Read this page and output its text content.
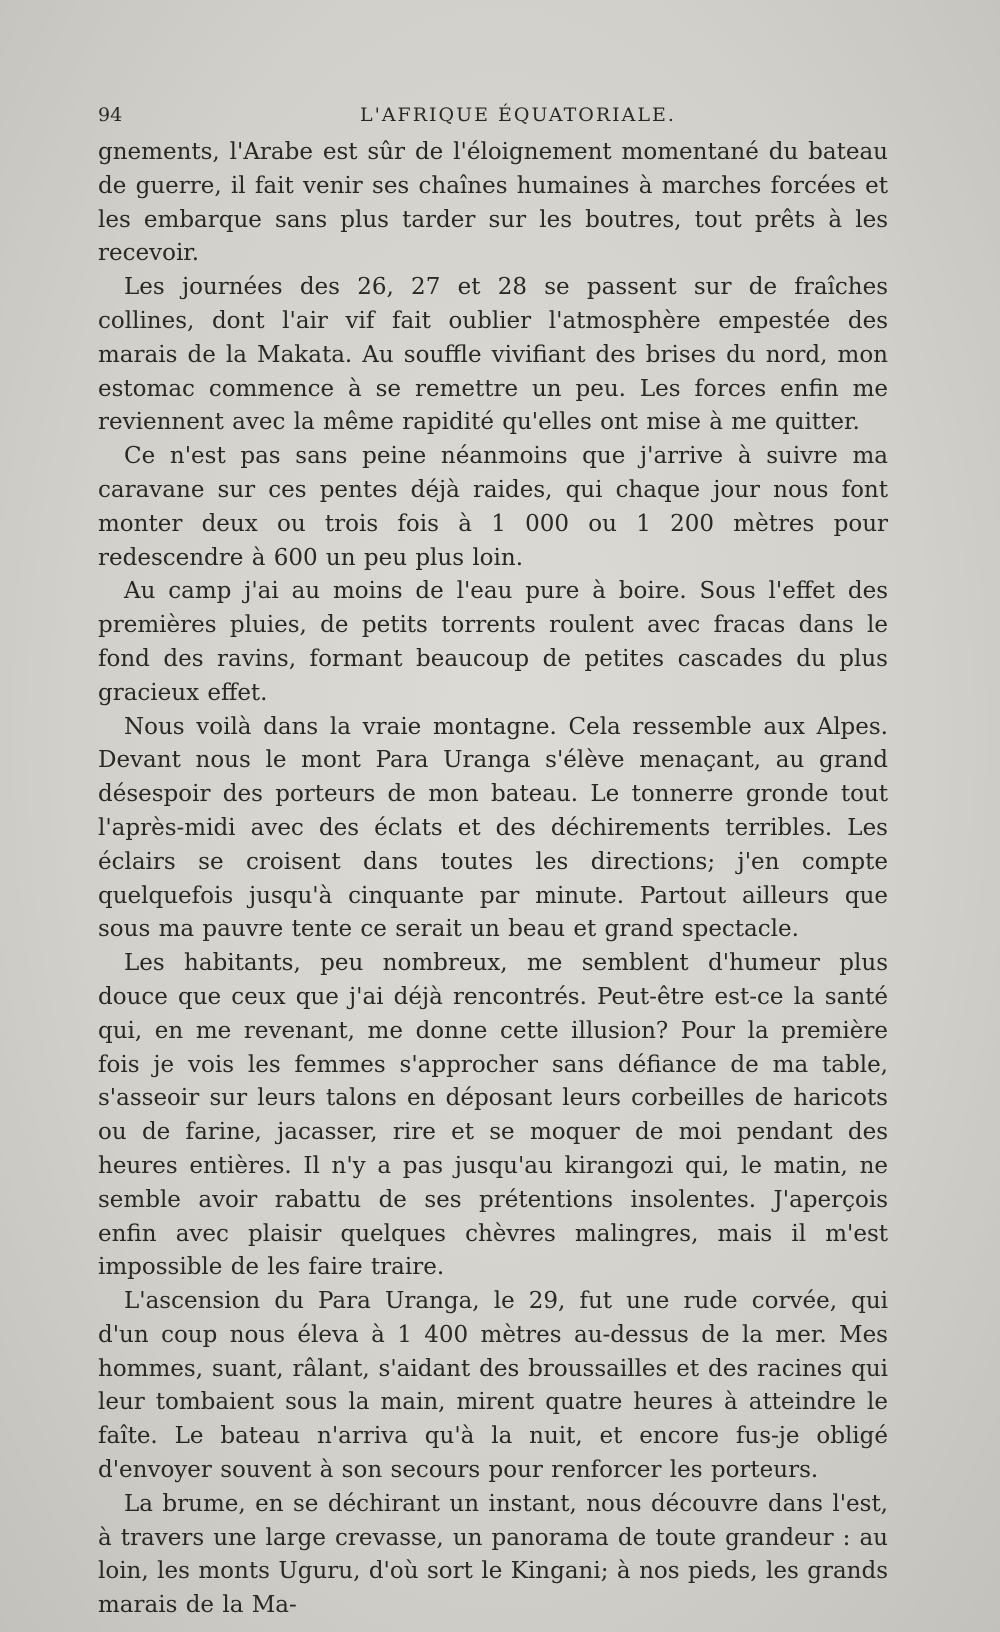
94	L'AFRIQUE ÉQUATORIALE.

gnements, l'Arabe est sûr de l'éloignement momentané du bateau de guerre, il fait venir ses chaînes humaines à marches forcées et les embarque sans plus tarder sur les boutres, tout prêts à les recevoir.

Les journées des 26, 27 et 28 se passent sur de fraîches collines, dont l'air vif fait oublier l'atmosphère empestée des marais de la Makata. Au souffle vivifiant des brises du nord, mon estomac commence à se remettre un peu. Les forces enfin me reviennent avec la même rapidité qu'elles ont mise à me quitter.

Ce n'est pas sans peine néanmoins que j'arrive à suivre ma caravane sur ces pentes déjà raides, qui chaque jour nous font monter deux ou trois fois à 1 000 ou 1 200 mètres pour redescendre à 600 un peu plus loin.

Au camp j'ai au moins de l'eau pure à boire. Sous l'effet des premières pluies, de petits torrents roulent avec fracas dans le fond des ravins, formant beaucoup de petites cascades du plus gracieux effet.

Nous voilà dans la vraie montagne. Cela ressemble aux Alpes. Devant nous le mont Para Uranga s'élève menaçant, au grand désespoir des porteurs de mon bateau. Le tonnerre gronde tout l'après-midi avec des éclats et des déchirements terribles. Les éclairs se croisent dans toutes les directions; j'en compte quelquefois jusqu'à cinquante par minute. Partout ailleurs que sous ma pauvre tente ce serait un beau et grand spectacle.

Les habitants, peu nombreux, me semblent d'humeur plus douce que ceux que j'ai déjà rencontrés. Peut-être est-ce la santé qui, en me revenant, me donne cette illusion? Pour la première fois je vois les femmes s'approcher sans défiance de ma table, s'asseoir sur leurs talons en déposant leurs corbeilles de haricots ou de farine, jacasser, rire et se moquer de moi pendant des heures entières. Il n'y a pas jusqu'au kirangozi qui, le matin, ne semble avoir rabattu de ses prétentions insolentes. J'aperçois enfin avec plaisir quelques chèvres malingres, mais il m'est impossible de les faire traire.

L'ascension du Para Uranga, le 29, fut une rude corvée, qui d'un coup nous éleva à 1 400 mètres au-dessus de la mer. Mes hommes, suant, râlant, s'aidant des broussailles et des racines qui leur tombaient sous la main, mirent quatre heures à atteindre le faîte. Le bateau n'arriva qu'à la nuit, et encore fus-je obligé d'envoyer souvent à son secours pour renforcer les porteurs.

La brume, en se déchirant un instant, nous découvre dans l'est, à travers une large crevasse, un panorama de toute grandeur : au loin, les monts Uguru, d'où sort le Kingani; à nos pieds, les grands marais de la Ma-
